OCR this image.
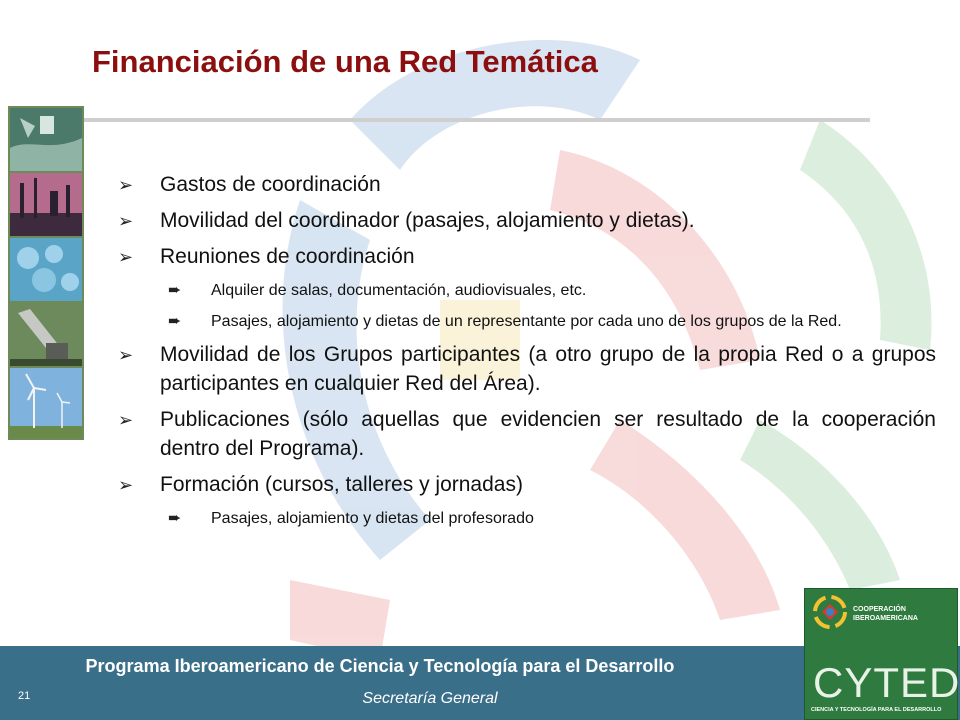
Financiación de una Red Temática
➢ Gastos de coordinación
➢ Movilidad del coordinador (pasajes, alojamiento y dietas).
➢ Reuniones de coordinación
➨ Alquiler de salas, documentación, audiovisuales, etc.
➨ Pasajes, alojamiento y dietas de un representante por cada uno de los grupos de la Red.
➢ Movilidad de los Grupos participantes (a otro grupo de la propia Red o a grupos participantes en cualquier Red del Área).
➢ Publicaciones (sólo aquellas que evidencien ser resultado de la cooperación dentro del Programa).
➢ Formación (cursos, talleres y jornadas)
➨ Pasajes, alojamiento y dietas del profesorado
Programa Iberoamericano de Ciencia y Tecnología para el Desarrollo
Secretaría General
21
COOPERACIÓN
IBEROAMERICANA
CYTED
CIENCIA Y TECNOLOGÍA PARA EL DESARROLLO
